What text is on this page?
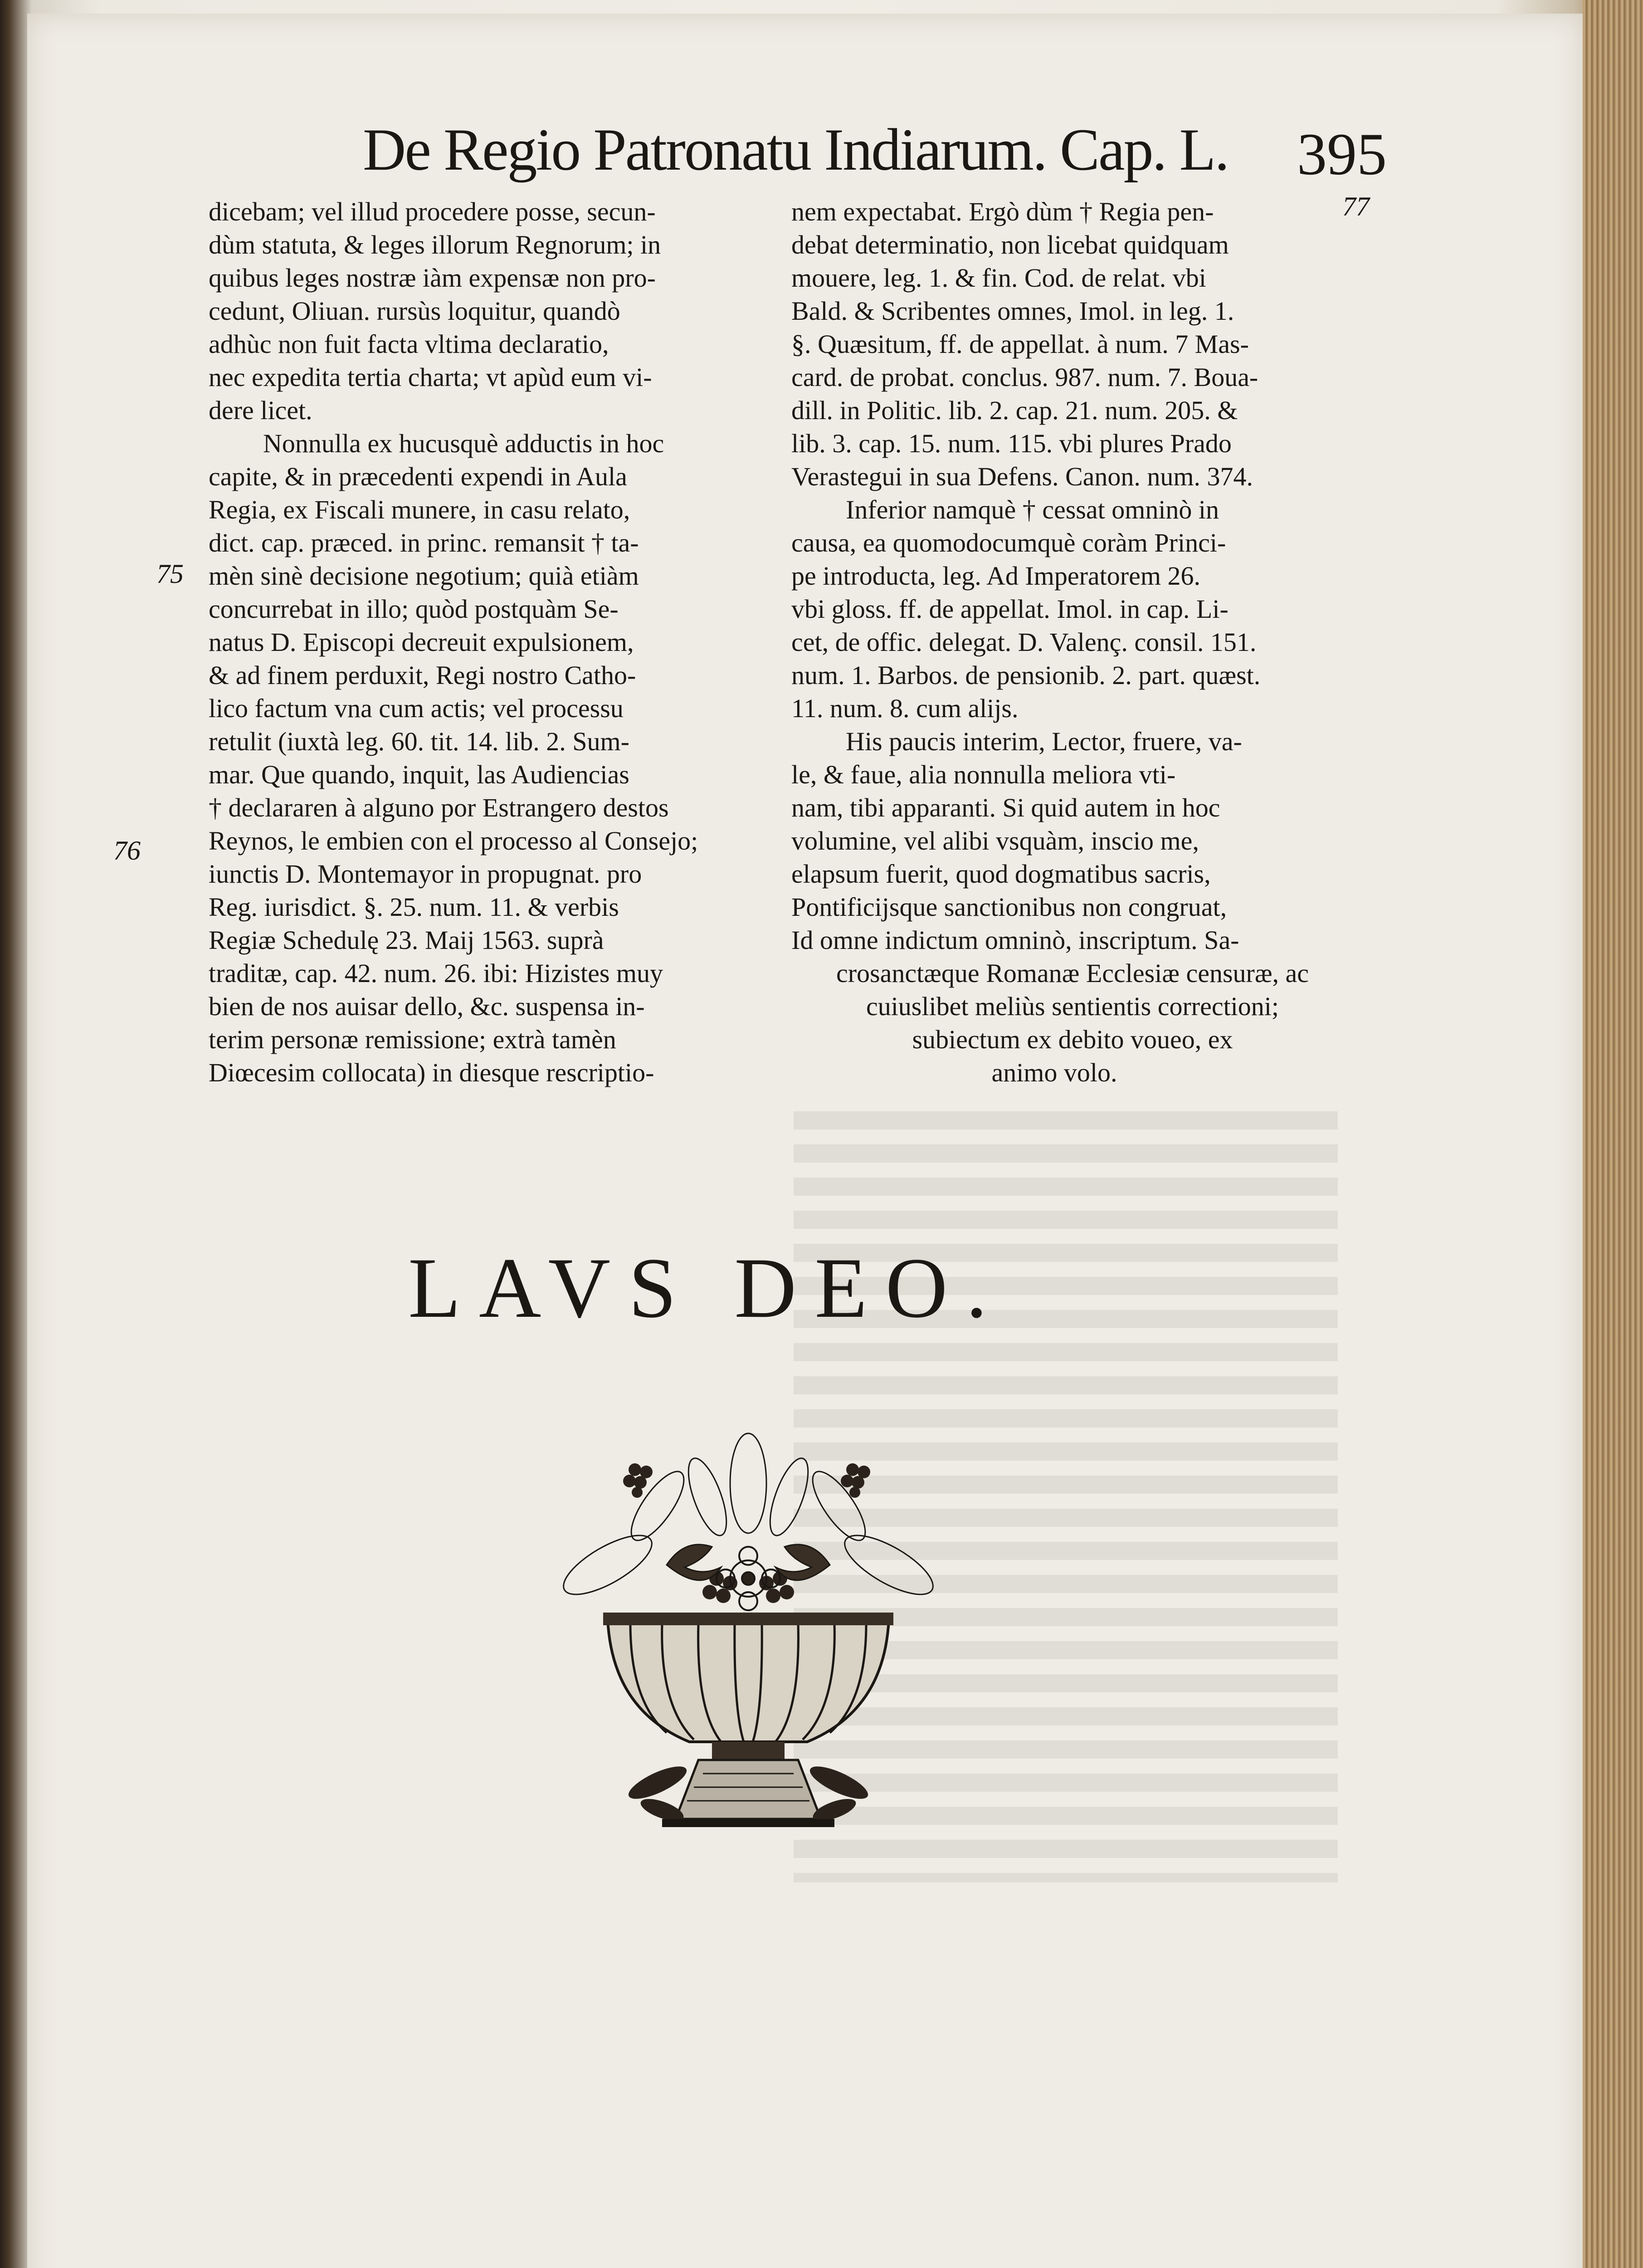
De Regio Patronatu Indiarum. Cap. L.	395
75
76
77
dicebam; vel illud procedere posse, secun-
dùm statuta, & leges illorum Regnorum; in
quibus leges nostræ iàm expensæ non pro-
cedunt, Oliuan. rursùs loquitur, quandò
adhùc non fuit facta vltima declaratio,
nec expedita tertia charta; vt apùd eum vi-
dere licet.
Nonnulla ex hucusquè adductis in hoc
capite, & in præcedenti expendi in Aula
Regia, ex Fiscali munere, in casu relato,
dict. cap. præced. in princ. remansit † ta-
mèn sinè decisione negotium; quià etiàm
concurrebat in illo; quòd postquàm Se-
natus D. Episcopi decreuit expulsionem,
& ad finem perduxit, Regi nostro Catho-
lico factum vna cum actis; vel processu
retulit (iuxtà leg. 60. tit. 14. lib. 2. Sum-
mar. Que quando, inquit, las Audiencias
† declararen à alguno por Estrangero destos
Reynos, le embien con el processo al Consejo;
iunctis D. Montemayor in propugnat. pro
Reg. iurisdict. §. 25. num. 11. & verbis
Regiæ Schedulę 23. Maij 1563. suprà
traditæ, cap. 42. num. 26. ibi: Hizistes muy
bien de nos auisar dello, &c. suspensa in-
terim personæ remissione; extrà tamèn
Diœcesim collocata) in diesque rescriptio-
nem expectabat. Ergò dùm † Regia pen-
debat determinatio, non licebat quidquam
mouere, leg. 1. & fin. Cod. de relat. vbi
Bald. & Scribentes omnes, Imol. in leg. 1.
§. Quæsitum, ff. de appellat. à num. 7 Mas-
card. de probat. conclus. 987. num. 7. Boua-
dill. in Politic. lib. 2. cap. 21. num. 205. &
lib. 3. cap. 15. num. 115. vbi plures Prado
Verastegui in sua Defens. Canon. num. 374.
Inferior namquè † cessat omninò in
causa, ea quomodocumquè coràm Princi-
pe introducta, leg. Ad Imperatorem 26.
vbi gloss. ff. de appellat. Imol. in cap. Li-
cet, de offic. delegat. D. Valenç. consil. 151.
num. 1. Barbos. de pensionib. 2. part. quæst.
11. num. 8. cum alijs.
His paucis interim, Lector, fruere, va-
le, & faue, alia nonnulla meliora vti-
nam, tibi apparanti. Si quid autem in hoc
volumine, vel alibi vsquàm, inscio me,
elapsum fuerit, quod dogmatibus sacris,
Pontificijsque sanctionibus non congruat,
Id omne indictum omninò, inscriptum. Sa-
crosanctæque Romanæ Ecclesiæ censuræ, ac
cuiuslibet meliùs sentientis correctioni;
subiectum ex debito voueo, ex
animo volo.
LAVS DEO.
